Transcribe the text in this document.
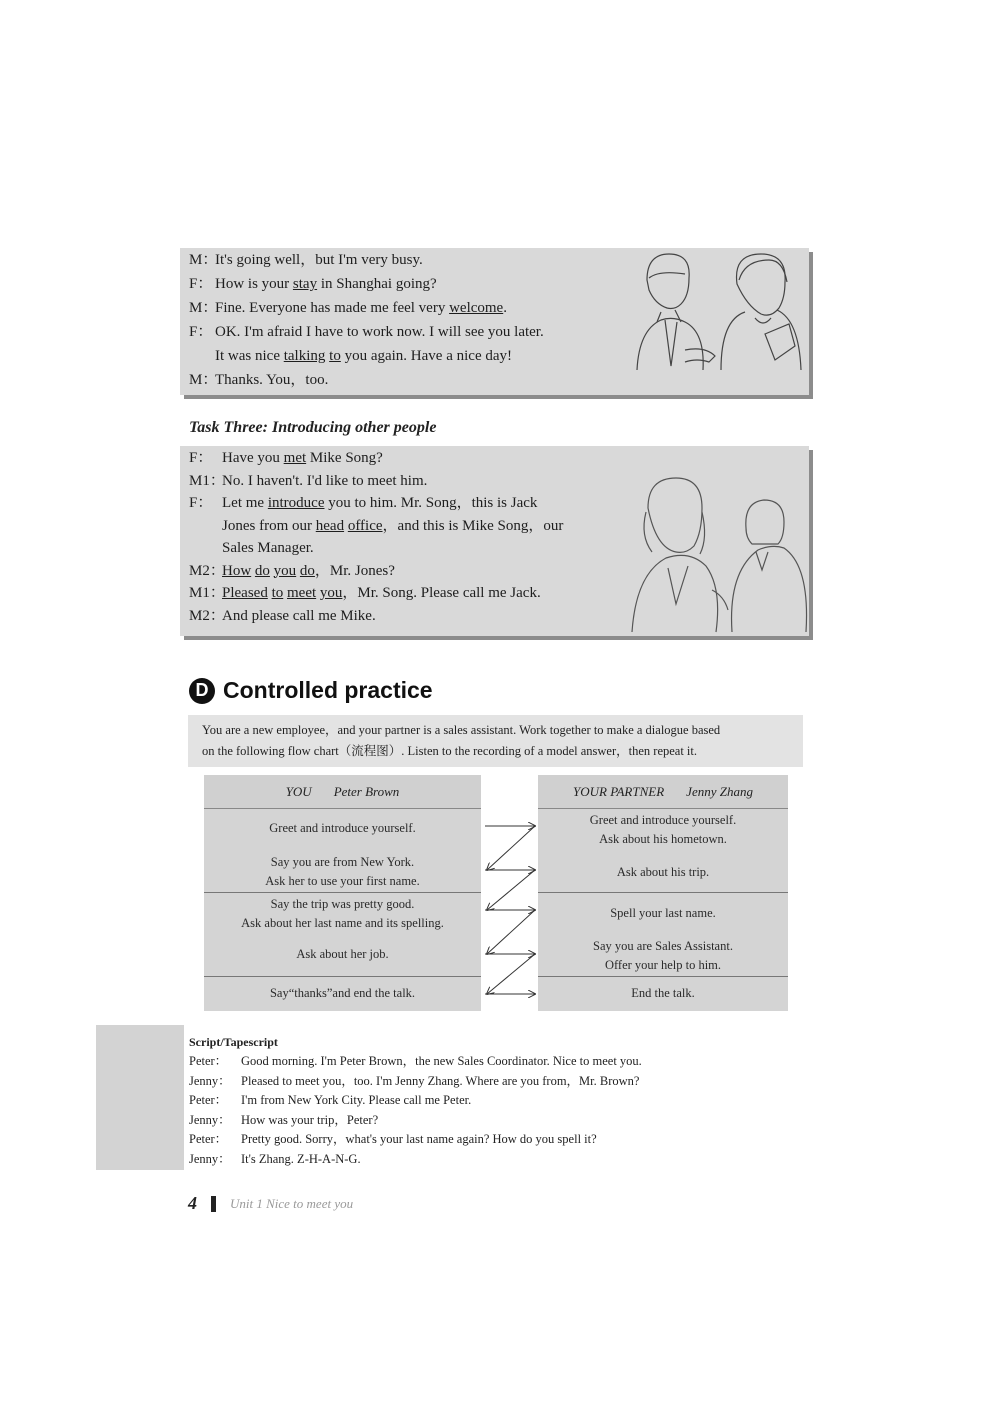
M：It's going well，but I'm very busy.
F： How is your stay in Shanghai going?
M：Fine. Everyone has made me feel very welcome.
F： OK. I'm afraid I have to work now. I will see you later.
It was nice talking to you again. Have a nice day!
M：Thanks. You，too.
Task Three: Introducing other people
F： Have you met Mike Song?
M1：No. I haven't. I'd like to meet him.
F： Let me introduce you to him. Mr. Song，this is Jack
Jones from our head office，and this is Mike Song，our
Sales Manager.
M2：How do you do，Mr. Jones?
M1：Pleased to meet you，Mr. Song. Please call me Jack.
M2：And please call me Mike.
D Controlled practice

You are a new employee，and your partner is a sales assistant. Work together to make a dialogue based

on the following flow chart（流程图）. Listen to the recording of a model answer，then repeat it.

YOU Peter Brown
Greet and introduce yourself.
Say you are from New York.
Ask her to use your first name.
Say the trip was pretty good.
Ask about her last name and its spelling.
Ask about her job.
Say“thanks”and end the talk.
YOUR PARTNER Jenny Zhang
Greet and introduce yourself.
Ask about his hometown.
Ask about his trip.
Spell your last name.
Say you are Sales Assistant.
Offer your help to him.
End the talk.
Script/Tapescript
Peter： Good morning. I'm Peter Brown，the new Sales Coordinator. Nice to meet you.
Jenny： Pleased to meet you，too. I'm Jenny Zhang. Where are you from，Mr. Brown?
Peter： I'm from New York City. Please call me Peter.
Jenny： How was your trip，Peter?
Peter： Pretty good. Sorry，what's your last name again? How do you spell it?
Jenny： It's Zhang. Z-H-A-N-G.
4	Unit 1 Nice to meet you
